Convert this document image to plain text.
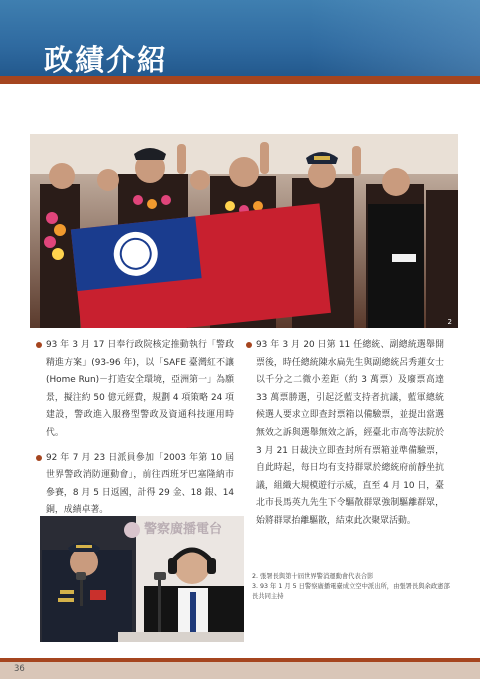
政績介紹
2

93 年 3 月 17 日奉行政院核定推動執行「警政精進方案」(93-96 年)，以「SAFE 臺灣紅不讓(Home Run)－打造安全環境，亞洲第一」為願景，擬注約 50 億元經費，規劃 4 項策略 24 項建設，警政進入服務型警政及資通科技運用時代。

92 年 7 月 23 日派員參加「2003 年第 10 屆世界警政消防運動會」，前往西班牙巴塞隆納市參賽，8 月 5 日返國，計得 29 金、18 銀、14 銅，成績卓著。

93 年 3 月 20 日第 11 任總統、副總統選舉開票後，時任總統陳水扁先生與副總統呂秀蓮女士以千分之二微小差距（約 3 萬票）及廢票高達 33 萬票勝選，引起泛藍支持者抗議，藍軍總統候選人要求立即查封票箱以備驗票，並提出當選無效之訴與選舉無效之訴，經臺北市高等法院於 3 月 21 日裁決立即查封所有票箱並準備驗票，自此時起，每日均有支持群眾於總統府前靜坐抗議，組織大規模遊行示威，直至 4 月 10 日，臺北市長馬英九先生下令驅散群眾強制驅離群眾，始將群眾抬離驅散，結束此次聚眾活動。

警察廣播電台

2. 張署長與第十屆世界警消運動會代表合影

3. 93 年 1 月 5 日警察廣播電臺成立空中派出所，由張署長與余政憲部長共同主持

36
